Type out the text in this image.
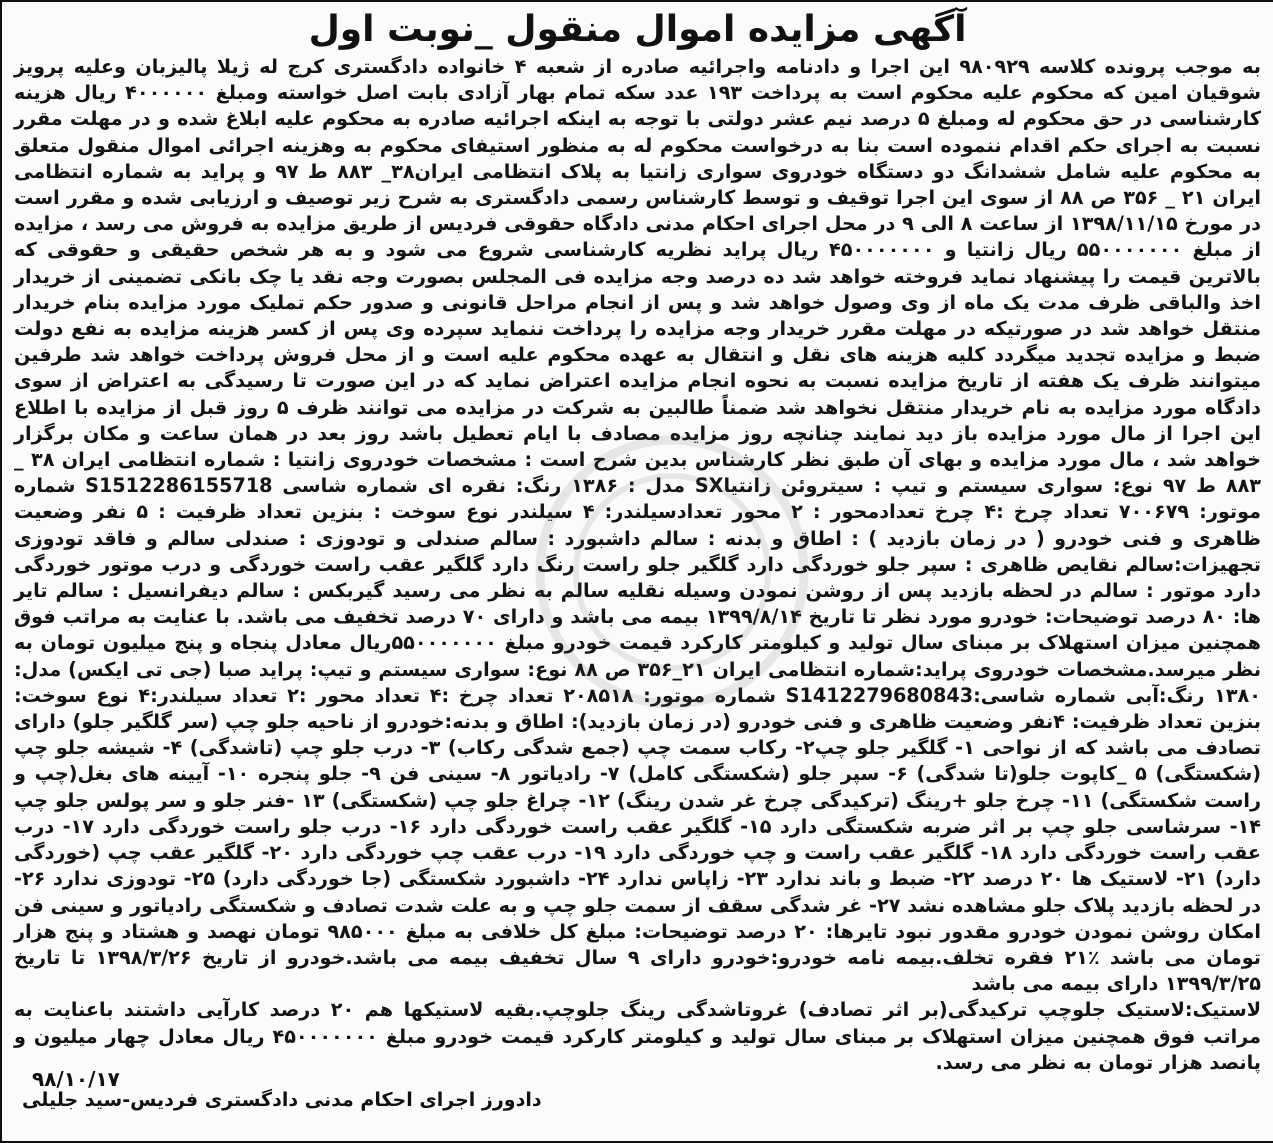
آگهی مزایده اموال منقول _نوبت اول

به موجب پرونده کلاسه ۹۸۰۹۲۹ این اجرا و دادنامه واجرائیه صادره از شعبه ۴ خانواده دادگستری کرج له ژیلا پالیزبان وعلیه پرویز شوقیان امین که محکوم علیه محکوم است به پرداخت ۱۹۳ عدد سکه تمام بهار آزادی بابت اصل خواسته ومبلغ ۴۰۰۰۰۰۰ ریال هزینه کارشناسی در حق محکوم له ومبلغ ۵ درصد نیم عشر دولتی با توجه به اینکه اجرائیه صادره به محکوم علیه ابلاغ شده و در مهلت مقرر نسبت به اجرای حکم اقدام ننموده است بنا به درخواست محکوم له به منظور استیفای محکوم به وهزینه اجرائی اموال منقول متعلق به محکوم علیه شامل ششدانگ دو دستگاه خودروی سواری زانتیا به پلاک انتظامی ایران۳۸_ ۸۸۳ ط ۹۷ و پراید به شماره انتظامی ایران ۲۱ _ ۳۵۶ ص ۸۸ از سوی این اجرا توقیف و توسط کارشناس رسمی دادگستری به شرح زیر توصیف و ارزیابی شده و مقرر است در مورخ ۱۳۹۸/۱۱/۱۵ از ساعت ۸ الی ۹ در محل اجرای احکام مدنی دادگاه حقوقی فردیس از طریق مزایده به فروش می رسد ، مزایده از مبلغ ۵۵۰۰۰۰۰۰۰ ریال زانتیا و ۴۵۰۰۰۰۰۰۰ ریال پراید نظریه کارشناسی شروع می شود و به هر شخص حقیقی و حقوقی که بالاترین قیمت را پیشنهاد نماید فروخته خواهد شد ده درصد وجه مزایده فی المجلس بصورت وجه نقد یا چک بانکی تضمینی از خریدار اخذ والباقی ظرف مدت یک ماه از وی وصول خواهد شد و پس از انجام مراحل قانونی و صدور حکم تملیک مورد مزایده بنام خریدار منتقل خواهد شد در صورتیکه در مهلت مقرر خریدار وجه مزایده را پرداخت ننماید سپرده وی پس از کسر هزینه مزایده به نفع دولت ضبط و مزایده تجدید میگردد کلیه هزینه های نقل و انتقال به عهده محکوم علیه است و از محل فروش پرداخت خواهد شد طرفین میتوانند ظرف یک هفته از تاریخ مزایده نسبت به نحوه انجام مزایده اعتراض نماید که در این صورت تا رسیدگی به اعتراض از سوی دادگاه مورد مزایده به نام خریدار منتقل نخواهد شد ضمناً طالبین به شرکت در مزایده می توانند ظرف ۵ روز قبل از مزایده با اطلاع این اجرا از مال مورد مزایده باز دید نمایند چنانچه روز مزایده مصادف با ایام تعطیل باشد روز بعد در همان ساعت و مکان برگزار خواهد شد ، مال مورد مزایده و بهای آن طبق نظر کارشناس بدین شرح است : مشخصات خودروی زانتیا : شماره انتظامی ایران ۳۸ _ ۸۸۳ ط ۹۷ نوع: سواری سیستم و تیپ : سیتروئن زانتیاSX مدل : ۱۳۸۶ رنگ: نقره ای شماره شاسی S1512286155718 شماره موتور: ۷۰۰۶۷۹ تعداد چرخ :۴ چرخ تعدادمحور : ۲ محور تعدادسیلندر: ۴ سیلندر نوع سوخت : بنزین تعداد ظرفیت : ۵ نفر وضعیت ظاهری و فنی خودرو ( در زمان بازدید ) : اطاق و بدنه : سالم داشبورد : سالم صندلی و تودوزی : صندلی سالم و فاقد تودوزی تجهیزات:سالم نقایص ظاهری : سپر جلو خوردگی دارد گلگیر جلو راست رنگ دارد گلگیر عقب راست خوردگی و درب موتور خوردگی دارد موتور : سالم در لحظه بازدید پس از روشن نمودن وسیله نقلیه سالم به نظر می رسید گیربکس : سالم دیفرانسیل : سالم تایر ها: ۸۰ درصد توضیحات: خودرو مورد نظر تا تاریخ ۱۳۹۹/۸/۱۴ بیمه می باشد و دارای ۷۰ درصد تخفیف می باشد. با عنایت به مراتب فوق همچنین میزان استهلاک بر مبنای سال تولید و کیلومتر کارکرد قیمت خودرو مبلغ ۵۵۰۰۰۰۰۰۰ریال معادل پنجاه و پنج میلیون تومان به نظر میرسد.مشخصات خودروی پراید:شماره انتظامی ایران ۲۱_۳۵۶ ص ۸۸ نوع: سواری سیستم و تیپ: پراید صبا (جی تی ایکس) مدل: ۱۳۸۰ رنگ:آبی شماره شاسی:S1412279680843 شماره موتور: ۲۰۸۵۱۸ تعداد چرخ :۴ تعداد محور :۲ تعداد سیلندر:۴ نوع سوخت: بنزین تعداد ظرفیت: ۴نفر وضعیت ظاهری و فنی خودرو (در زمان بازدید): اطاق و بدنه:خودرو از ناحیه جلو چپ (سر گلگیر جلو) دارای تصادف می باشد که از نواحی ۱- گلگیر جلو چپ۲- رکاب سمت چپ (جمع شدگی رکاب) ۳- درب جلو چپ (تاشدگی) ۴- شیشه جلو چپ (شکستگی) ۵ _کاپوت جلو(تا شدگی) ۶- سپر جلو (شکستگی کامل) ۷- رادیاتور ۸- سینی فن ۹- جلو پنجره ۱۰- آیینه های بغل(چپ و راست شکستگی) ۱۱- چرخ جلو +رینگ (ترکیدگی چرخ غر شدن رینگ) ۱۲- چراغ جلو چپ (شکستگی) ۱۳ -فنر جلو و سر پولس جلو چپ ۱۴- سرشاسی جلو چپ بر اثر ضربه شکستگی دارد ۱۵- گلگیر عقب راست خوردگی دارد ۱۶- درب جلو راست خوردگی دارد ۱۷- درب عقب راست خوردگی دارد ۱۸- گلگیر عقب راست و چپ خوردگی دارد ۱۹- درب عقب چپ خوردگی دارد ۲۰- گلگیر عقب چپ (خوردگی دارد) ۲۱- لاستیک ها ۲۰ درصد ۲۲- ضبط و باند ندارد ۲۳- زاپاس ندارد ۲۴- داشبورد شکستگی (جا خوردگی دارد) ۲۵- تودوزی ندارد ۲۶- در لحظه بازدید پلاک جلو مشاهده نشد ۲۷- غر شدگی سقف از سمت جلو چپ و به علت شدت تصادف و شکستگی رادیاتور و سینی فن امکان روشن نمودن خودرو مقدور نبود تایرها: ۲۰ درصد توضیحات: مبلغ کل خلافی به مبلغ ۹۸۵۰۰۰ تومان نهصد و هشتاد و پنج هزار تومان می باشد ٪۲۱ فقره تخلف.بیمه نامه خودرو:خودرو دارای ۹ سال تخفیف بیمه می باشد.خودرو از تاریخ ۱۳۹۸/۳/۲۶ تا تاریخ ۱۳۹۹/۳/۲۵ دارای بیمه می باشد

لاستیک:لاستیک جلوچپ ترکیدگی(بر اثر تصادف) غروتاشدگی رینگ جلوچپ.بقیه لاستیکها هم ۲۰ درصد کارآیی داشتند باعنایت به مراتب فوق همچنین میزان استهلاک بر مبنای سال تولید و کیلومتر کارکرد قیمت خودرو مبلغ ۴۵۰۰۰۰۰۰۰ ریال معادل چهار میلیون و پانصد هزار تومان به نظر می رسد.

۹۸/۱۰/۱۷
دادورز اجرای احکام مدنی دادگستری فردیس-سید جلیلی
